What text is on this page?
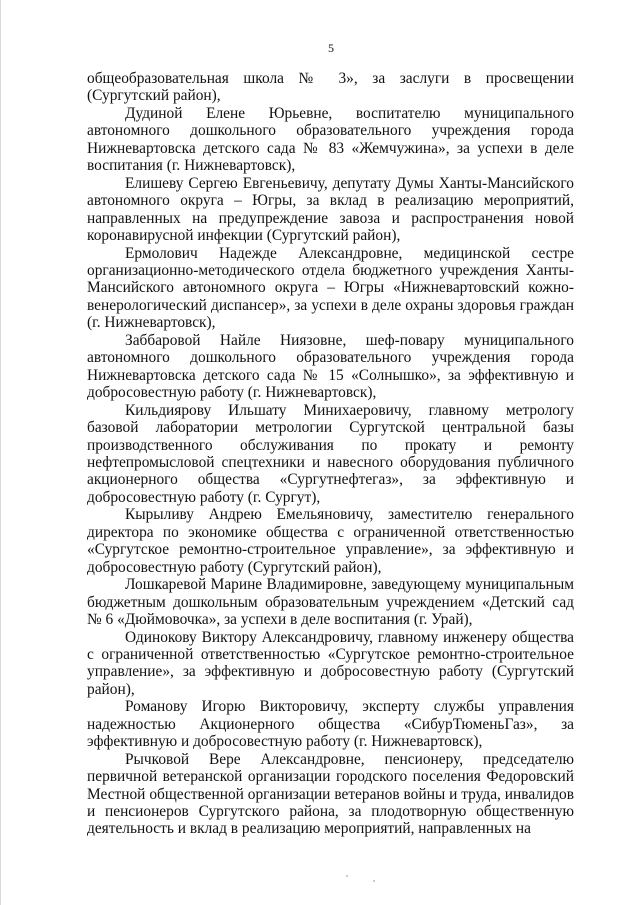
5

общеобразовательная школа № 3», за заслуги в просвещении (Сургутский район),

Дудиной Елене Юрьевне, воспитателю муниципального автономного дошкольного образовательного учреждения города Нижневартовска детского сада № 83 «Жемчужина», за успехи в деле воспитания (г. Нижневартовск),

Елишеву Сергею Евгеньевичу, депутату Думы Ханты-Мансийского автономного округа – Югры, за вклад в реализацию мероприятий, направленных на предупреждение завоза и распространения новой коронавирусной инфекции (Сургутский район),

Ермолович Надежде Александровне, медицинской сестре организационно-методического отдела бюджетного учреждения Ханты-Мансийского автономного округа – Югры «Нижневартовский кожно-венерологический диспансер», за успехи в деле охраны здоровья граждан (г. Нижневартовск),

Заббаровой Найле Ниязовне, шеф-повару муниципального автономного дошкольного образовательного учреждения города Нижневартовска детского сада № 15 «Солнышко», за эффективную и добросовестную работу (г. Нижневартовск),

Кильдиярову Ильшату Минихаеровичу, главному метрологу базовой лаборатории метрологии Сургутской центральной базы производственного обслуживания по прокату и ремонту нефтепромысловой спецтехники и навесного оборудования публичного акционерного общества «Сургутнефтегаз», за эффективную и добросовестную работу (г. Сургут),

Кырыливу Андрею Емельяновичу, заместителю генерального директора по экономике общества с ограниченной ответственностью «Сургутское ремонтно-строительное управление», за эффективную и добросовестную работу (Сургутский район),

Лошкаревой Марине Владимировне, заведующему муниципальным бюджетным дошкольным образовательным учреждением «Детский сад № 6 «Дюймовочка», за успехи в деле воспитания (г. Урай),

Одинокову Виктору Александровичу, главному инженеру общества с ограниченной ответственностью «Сургутское ремонтно-строительное управление», за эффективную и добросовестную работу (Сургутский район),

Романову Игорю Викторовичу, эксперту службы управления надежностью Акционерного общества «СибурТюменьГаз», за эффективную и добросовестную работу (г. Нижневартовск),

Рычковой Вере Александровне, пенсионеру, председателю первичной ветеранской организации городского поселения Федоровский Местной общественной организации ветеранов войны и труда, инвалидов и пенсионеров Сургутского района, за плодотворную общественную деятельность и вклад в реализацию мероприятий, направленных на
